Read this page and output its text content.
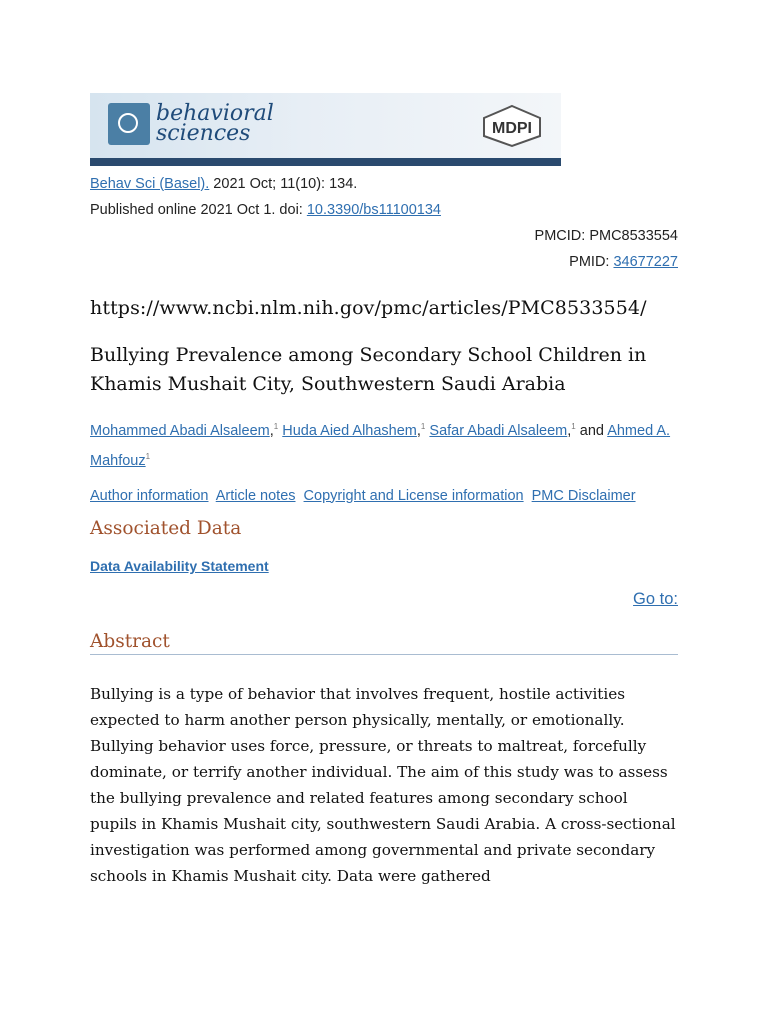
behavioral
sciences	MDPI
Behav Sci (Basel). 2021 Oct; 11(10): 134.
Published online 2021 Oct 1. doi: 10.3390/bs11100134
PMCID: PMC8533554
PMID: 34677227
https://www.ncbi.nlm.nih.gov/pmc/articles/PMC8533554/
Bullying Prevalence among Secondary School Children in Khamis Mushait City, Southwestern Saudi Arabia
Mohammed Abadi Alsaleem,$^1$ Huda Aied Alhashem,$^1$ Safar Abadi Alsaleem,$^1$ and Ahmed A. Mahfouz$^1$
Author information Article notes Copyright and License information PMC Disclaimer
Associated Data
Data Availability Statement
Go to:
Abstract
Bullying is a type of behavior that involves frequent, hostile activities expected to harm another person physically, mentally, or emotionally. Bullying behavior uses force, pressure, or threats to maltreat, forcefully dominate, or terrify another individual. The aim of this study was to assess the bullying prevalence and related features among secondary school pupils in Khamis Mushait city, southwestern Saudi Arabia. A cross-sectional investigation was performed among governmental and private secondary schools in Khamis Mushait city. Data were gathered
